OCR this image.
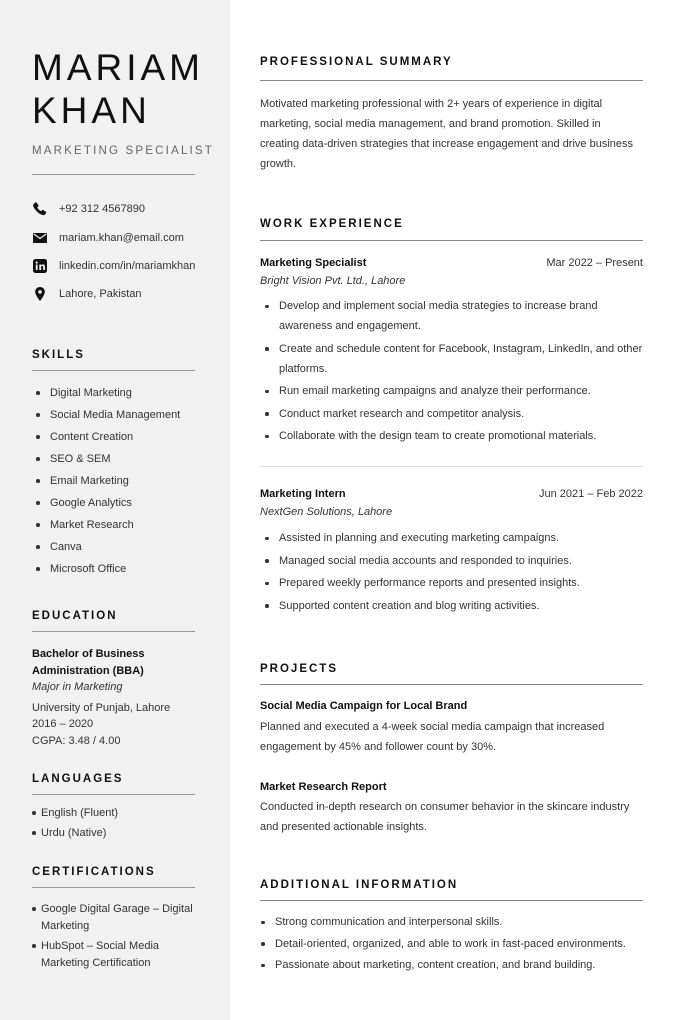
MARIAM
KHAN
MARKETING SPECIALIST
+92 312 4567890
mariam.khan@email.com
linkedin.com/in/mariamkhan
Lahore, Pakistan
SKILLS
Digital Marketing
Social Media Management
Content Creation
SEO & SEM
Email Marketing
Google Analytics
Market Research
Canva
Microsoft Office
EDUCATION
Bachelor of Business
Administration (BBA)
Major in Marketing
University of Punjab, Lahore
2016 – 2020
CGPA: 3.48 / 4.00
LANGUAGES
English (Fluent)
Urdu (Native)
CERTIFICATIONS
Google Digital Garage – Digital Marketing
HubSpot – Social Media Marketing Certification
PROFESSIONAL SUMMARY
Motivated marketing professional with 2+ years of experience in digital marketing, social media management, and brand promotion. Skilled in creating data-driven strategies that increase engagement and drive business growth.
WORK EXPERIENCE
Marketing Specialist	Mar 2022 – Present
Bright Vision Pvt. Ltd., Lahore
Develop and implement social media strategies to increase brand awareness and engagement.
Create and schedule content for Facebook, Instagram, LinkedIn, and other platforms.
Run email marketing campaigns and analyze their performance.
Conduct market research and competitor analysis.
Collaborate with the design team to create promotional materials.
Marketing Intern	Jun 2021 – Feb 2022
NextGen Solutions, Lahore
Assisted in planning and executing marketing campaigns.
Managed social media accounts and responded to inquiries.
Prepared weekly performance reports and presented insights.
Supported content creation and blog writing activities.
PROJECTS
Social Media Campaign for Local Brand
Planned and executed a 4-week social media campaign that increased engagement by 45% and follower count by 30%.
Market Research Report
Conducted in-depth research on consumer behavior in the skincare industry and presented actionable insights.
ADDITIONAL INFORMATION
Strong communication and interpersonal skills.
Detail-oriented, organized, and able to work in fast-paced environments.
Passionate about marketing, content creation, and brand building.
